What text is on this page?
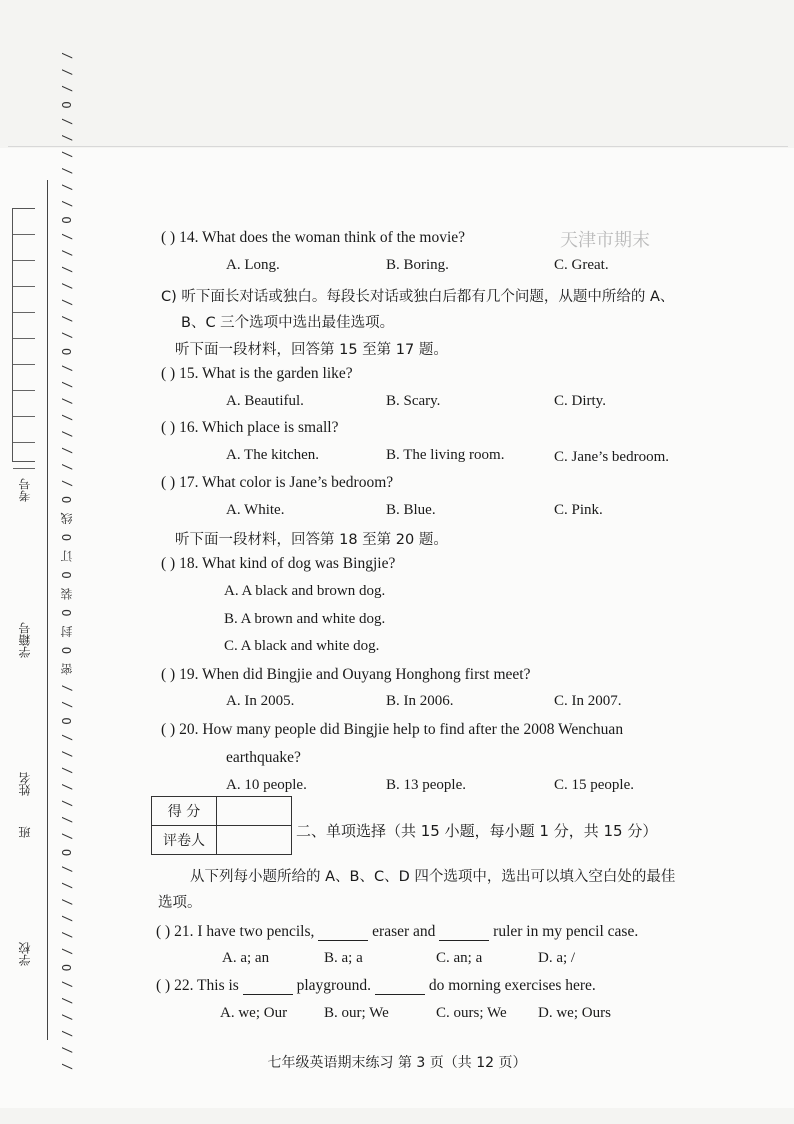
考号
学籍号
姓名
班
学校 / / / / / / O / / / / / / O / / / / / / / O / / 密 O 封 O 装 O 订 O 线 O / / / / / / / / O / / / / / / / O / / / / / / O / / /	天津市期末
( ) 14. What does the woman think of the movie?
A. Long.	B. Boring.	C. Great.
C) 听下面长对话或独白。每段长对话或独白后都有几个问题，从题中所给的 A、
B、C 三个选项中选出最佳选项。
听下面一段材料，回答第 15 至第 17 题。
( ) 15. What is the garden like?
A. Beautiful.	B. Scary.	C. Dirty.
( ) 16. Which place is small?
A. The kitchen.	B. The living room.	C. Jane’s bedroom.
( ) 17. What color is Jane’s bedroom?
A. White.	B. Blue.	C. Pink.
听下面一段材料，回答第 18 至第 20 题。
( ) 18. What kind of dog was Bingjie?
A. A black and brown dog.
B. A brown and white dog.
C. A black and white dog.
( ) 19. When did Bingjie and Ouyang Honghong first meet?
A. In 2005.	B. In 2006.	C. In 2007.
( ) 20. How many people did Bingjie help to find after the 2008 Wenchuan
earthquake?
A. 10 people.	B. 13 people.	C. 15 people.
得 分	
评卷人	
二、单项选择（共 15 小题，每小题 1 分，共 15 分）
从下列每小题所给的 A、B、C、D 四个选项中，选出可以填入空白处的最佳
选项。
( ) 21. I have two pencils,	eraser and	ruler in my pencil case.
A. a; an	B. a; a	C. an; a	D. a; /
( ) 22. This is	playground.	do morning exercises here.
A. we; Our B. our; We	C. ours; We D. we; Ours
七年级英语期末练习 第 3 页（共 12 页）
